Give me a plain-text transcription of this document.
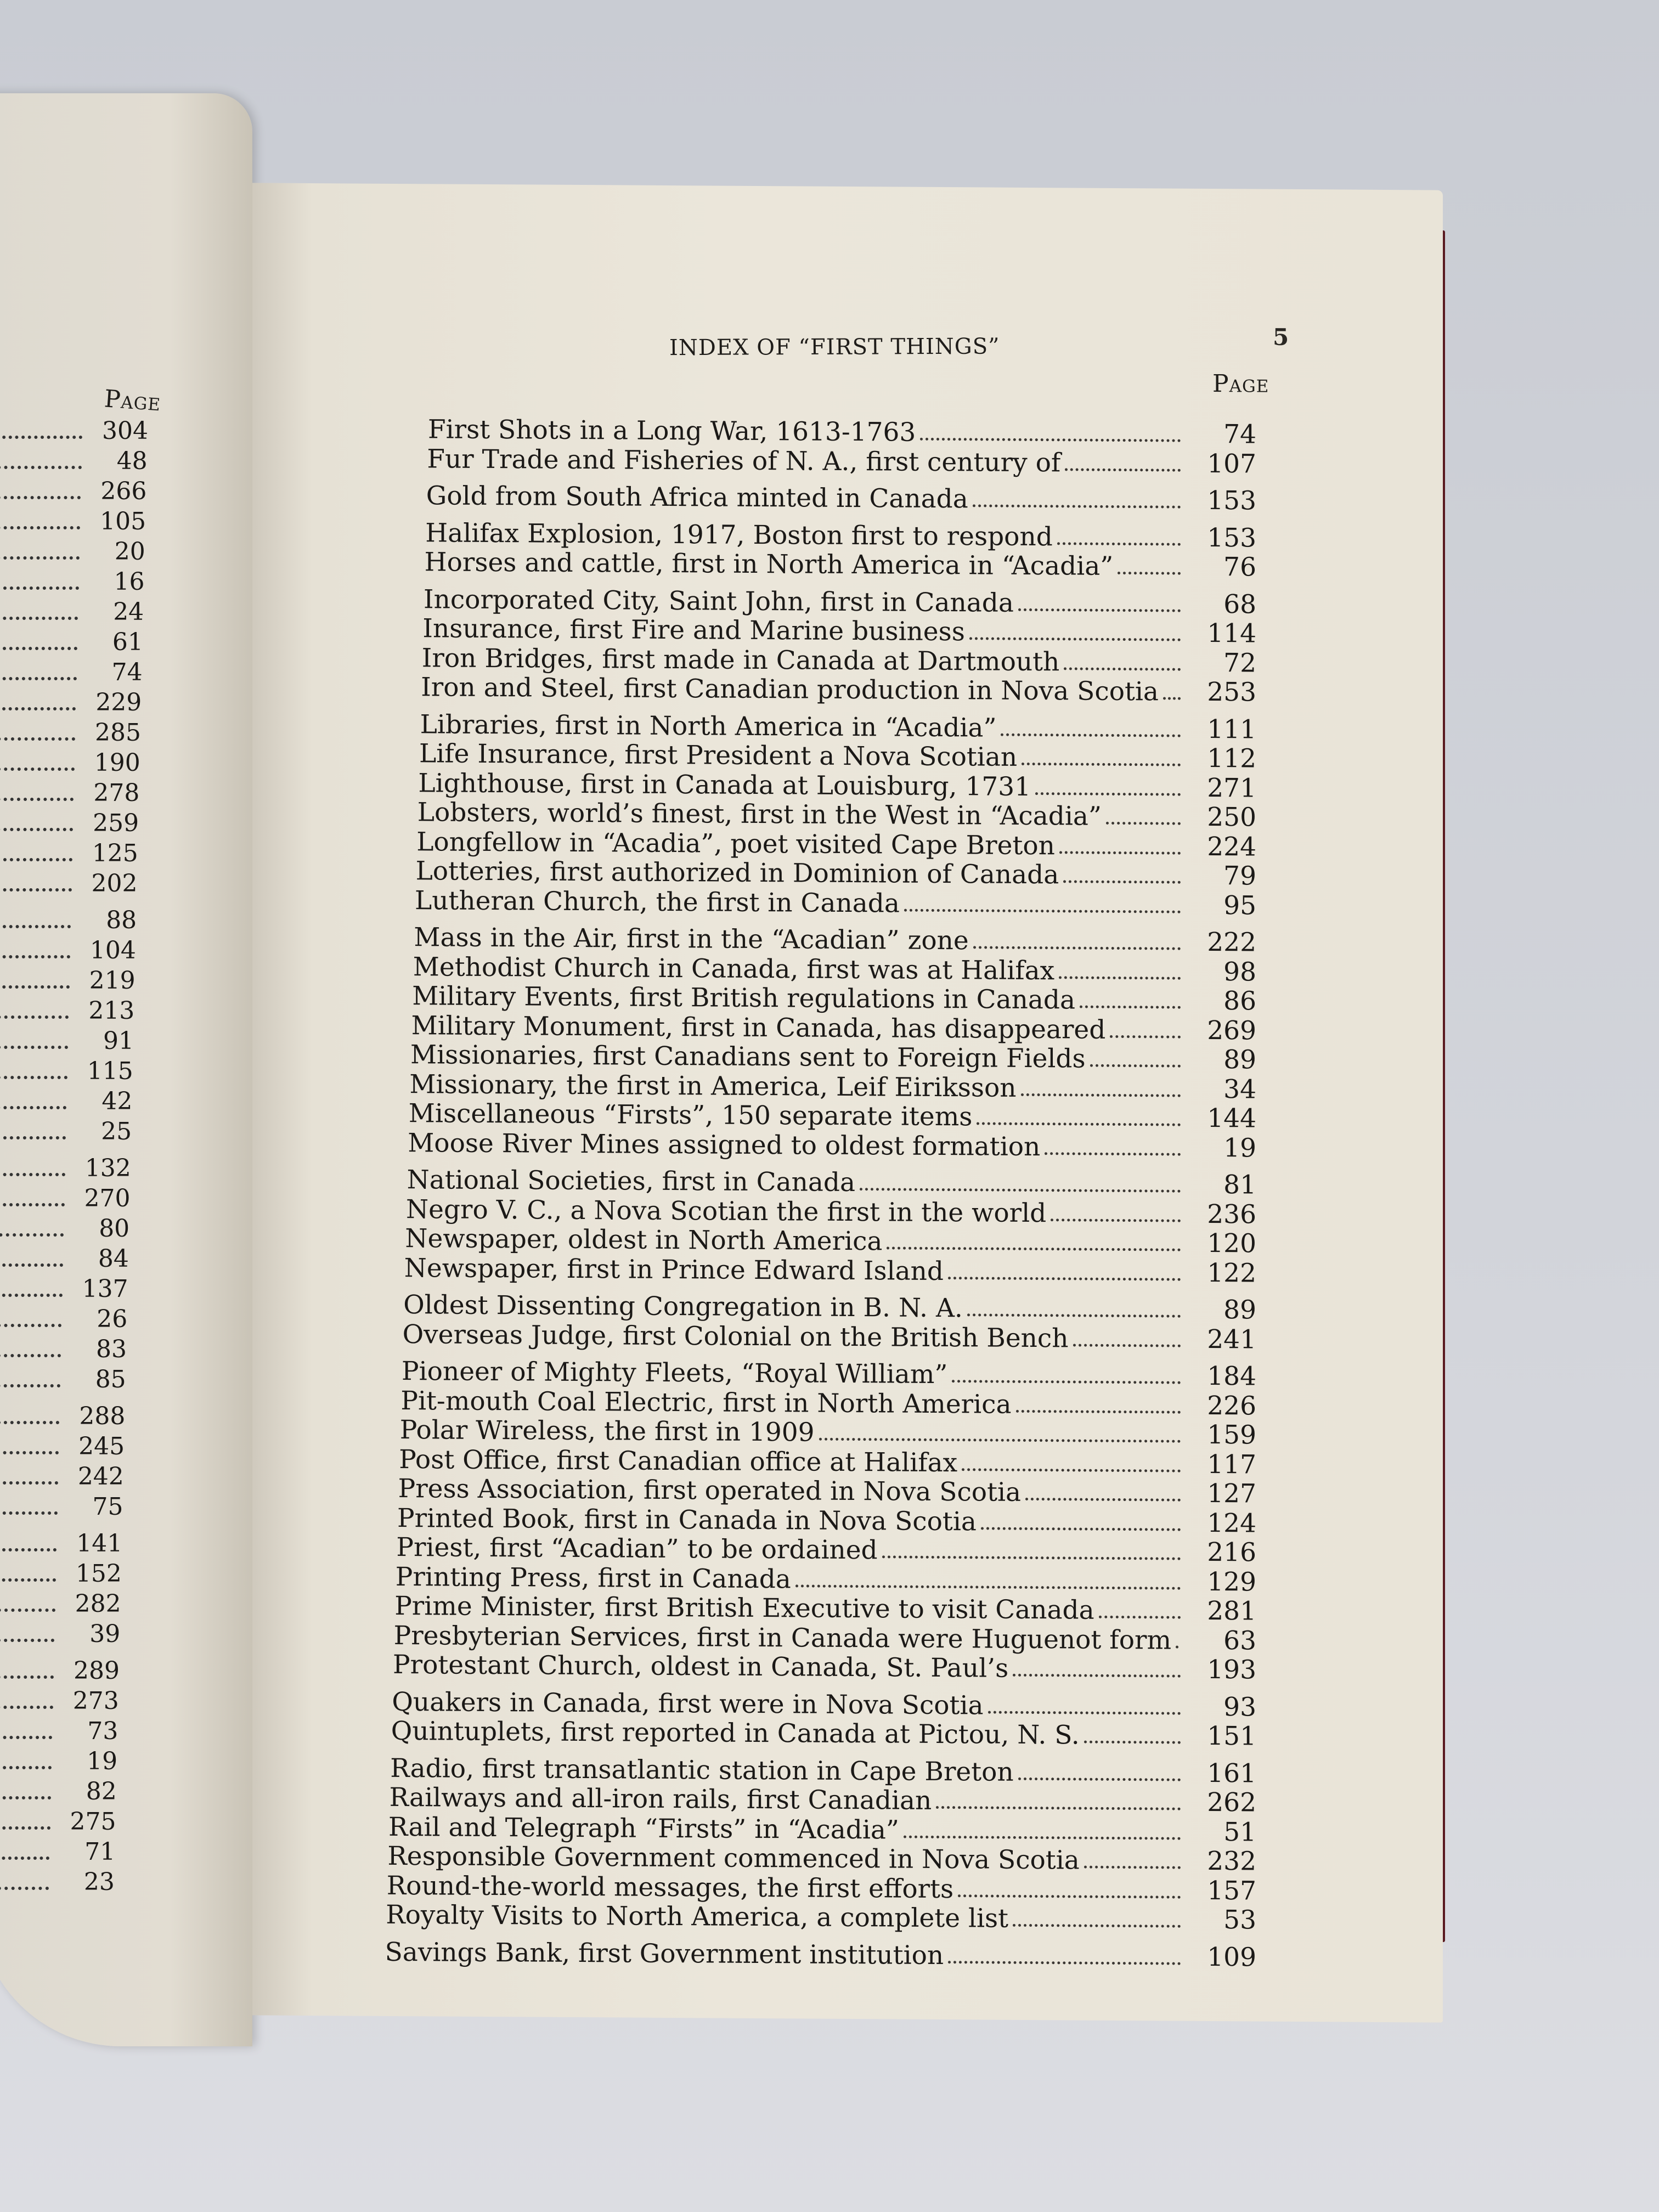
Page
304
48
266
105
20
16
24
61
74
229
285
190
278
259
125
202
88
104
219
213
91
115
42
25
132
270
80
84
137
26
83
85
288
245
242
75
141
152
282
39
289
273
73
19
82
275
71
23
INDEX OF “FIRST THINGS”	5
Page
First Shots in a Long War, 1613-1763	74
Fur Trade and Fisheries of N. A., first century of	107
Gold from South Africa minted in Canada	153
Halifax Explosion, 1917, Boston first to respond	153
Horses and cattle, first in North America in “Acadia”	76
Incorporated City, Saint John, first in Canada	68
Insurance, first Fire and Marine business	114
Iron Bridges, first made in Canada at Dartmouth	72
Iron and Steel, first Canadian production in Nova Scotia	253
Libraries, first in North America in “Acadia”	111
Life Insurance, first President a Nova Scotian	112
Lighthouse, first in Canada at Louisburg, 1731	271
Lobsters, world’s finest, first in the West in “Acadia”	250
Longfellow in “Acadia”, poet visited Cape Breton	224
Lotteries, first authorized in Dominion of Canada	79
Lutheran Church, the first in Canada	95
Mass in the Air, first in the “Acadian” zone	222
Methodist Church in Canada, first was at Halifax	98
Military Events, first British regulations in Canada	86
Military Monument, first in Canada, has disappeared	269
Missionaries, first Canadians sent to Foreign Fields	89
Missionary, the first in America, Leif Eiriksson	34
Miscellaneous “Firsts”, 150 separate items	144
Moose River Mines assigned to oldest formation	19
National Societies, first in Canada	81
Negro V. C., a Nova Scotian the first in the world	236
Newspaper, oldest in North America	120
Newspaper, first in Prince Edward Island	122
Oldest Dissenting Congregation in B. N. A.	89
Overseas Judge, first Colonial on the British Bench	241
Pioneer of Mighty Fleets, “Royal William”	184
Pit-mouth Coal Electric, first in North America	226
Polar Wireless, the first in 1909	159
Post Office, first Canadian office at Halifax	117
Press Association, first operated in Nova Scotia	127
Printed Book, first in Canada in Nova Scotia	124
Priest, first “Acadian” to be ordained	216
Printing Press, first in Canada	129
Prime Minister, first British Executive to visit Canada	281
Presbyterian Services, first in Canada were Huguenot form	63
Protestant Church, oldest in Canada, St. Paul’s	193
Quakers in Canada, first were in Nova Scotia	93
Quintuplets, first reported in Canada at Pictou, N. S.	151
Radio, first transatlantic station in Cape Breton	161
Railways and all-iron rails, first Canadian	262
Rail and Telegraph “Firsts” in “Acadia”	51
Responsible Government commenced in Nova Scotia	232
Round-the-world messages, the first efforts	157
Royalty Visits to North America, a complete list	53
Savings Bank, first Government institution	109
